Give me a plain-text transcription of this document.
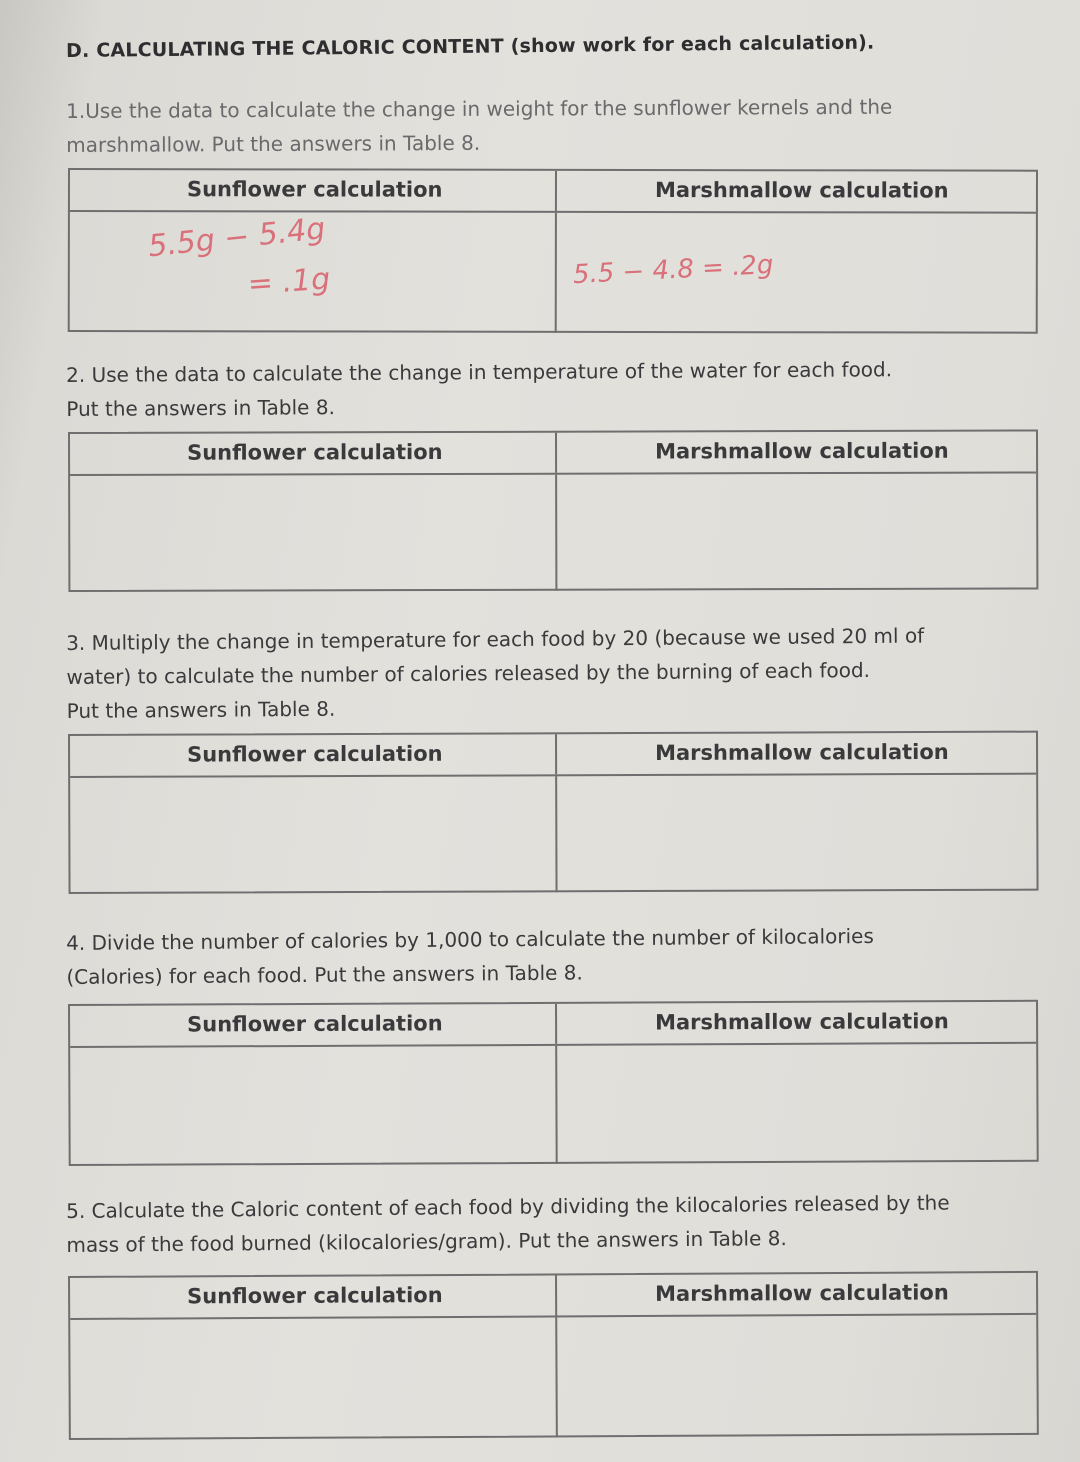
D. CALCULATING THE CALORIC CONTENT (show work for each calculation).
1.Use the data to calculate the change in weight for the sunflower kernels and the
marshmallow. Put the answers in Table 8.
Sunflower calculation	Marshmallow calculation
5.5g − 5.4g
= .1g	5.5 − 4.8 = .2g
2. Use the data to calculate the change in temperature of the water for each food.
Put the answers in Table 8.
Sunflower calculation	Marshmallow calculation
3. Multiply the change in temperature for each food by 20 (because we used 20 ml of
water) to calculate the number of calories released by the burning of each food.
Put the answers in Table 8.
Sunflower calculation	Marshmallow calculation
4. Divide the number of calories by 1,000 to calculate the number of kilocalories
(Calories) for each food. Put the answers in Table 8.
Sunflower calculation	Marshmallow calculation
5. Calculate the Caloric content of each food by dividing the kilocalories released by the
mass of the food burned (kilocalories/gram). Put the answers in Table 8.
Sunflower calculation	Marshmallow calculation
